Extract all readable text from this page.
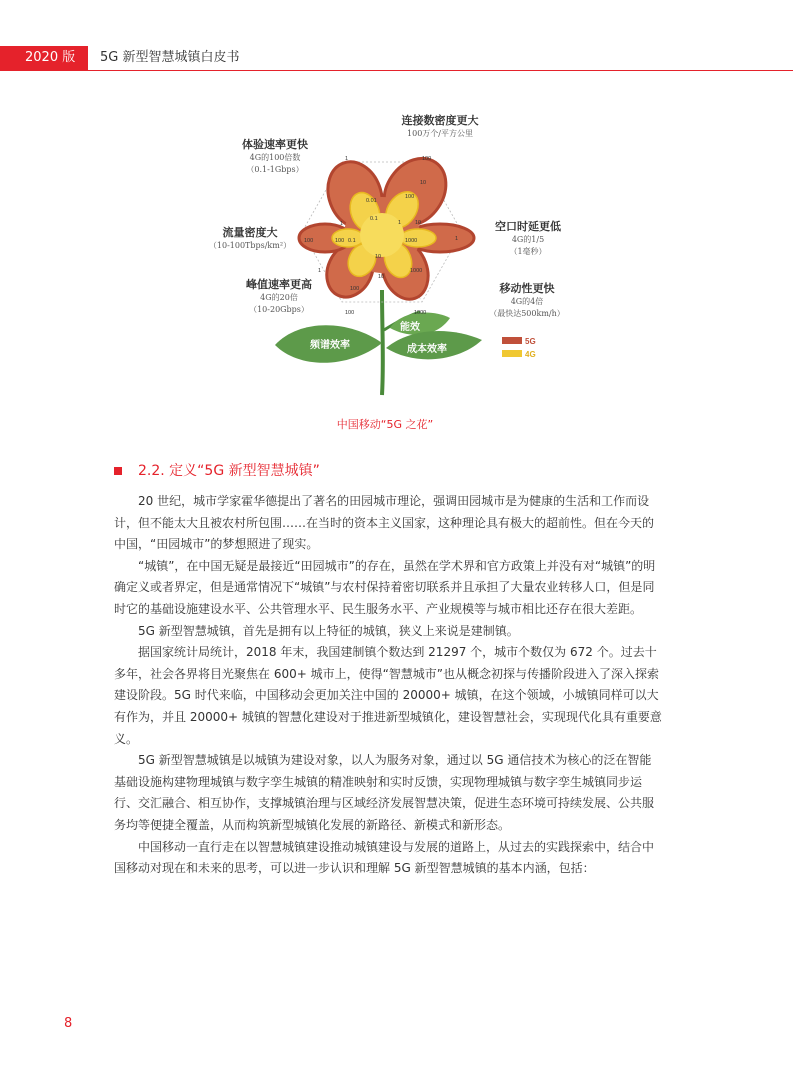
2020 版	5G 新型智慧城镇白皮书
1	100
10
100
0.01
0.1
100	0.1
1
1000
10
1
1
10
100
1000
10
100
1
100	1000
频谱效率
能效
成本效率
5G
4G
体验速率更快
4G的100倍数
（0.1-1Gbps）
连接数密度更大
100万个/平方公里
流量密度大
（10-100Tbps/km²）
空口时延更低
4G的1/5
（1毫秒）
峰值速率更高
4G的20倍
（10-20Gbps）
移动性更快
4G的4倍
（最快达500km/h）
中国移动“5G 之花”
2.2. 定义“5G 新型智慧城镇”

20 世纪，城市学家霍华德提出了著名的田园城市理论，强调田园城市是为健康的生活和工作而设计，但不能太大且被农村所包围……在当时的资本主义国家，这种理论具有极大的超前性。但在今天的中国，“田园城市”的梦想照进了现实。

“城镇”，在中国无疑是最接近“田园城市”的存在，虽然在学术界和官方政策上并没有对“城镇”的明确定义或者界定，但是通常情况下“城镇”与农村保持着密切联系并且承担了大量农业转移人口，但是同时它的基础设施建设水平、公共管理水平、民生服务水平、产业规模等与城市相比还存在很大差距。

5G 新型智慧城镇，首先是拥有以上特征的城镇，狭义上来说是建制镇。

据国家统计局统计，2018 年末，我国建制镇个数达到 21297 个，城市个数仅为 672 个。过去十多年，社会各界将目光聚焦在 600+ 城市上，使得“智慧城市”也从概念初探与传播阶段进入了深入探索建设阶段。5G 时代来临，中国移动会更加关注中国的 20000+ 城镇，在这个领域，小城镇同样可以大有作为，并且 20000+ 城镇的智慧化建设对于推进新型城镇化，建设智慧社会，实现现代化具有重要意义。

5G 新型智慧城镇是以城镇为建设对象，以人为服务对象，通过以 5G 通信技术为核心的泛在智能基础设施构建物理城镇与数字孪生城镇的精准映射和实时反馈，实现物理城镇与数字孪生城镇同步运行、交汇融合、相互协作，支撑城镇治理与区域经济发展智慧决策，促进生态环境可持续发展、公共服务均等便捷全覆盖，从而构筑新型城镇化发展的新路径、新模式和新形态。

中国移动一直行走在以智慧城镇建设推动城镇建设与发展的道路上，从过去的实践探索中，结合中国移动对现在和未来的思考，可以进一步认识和理解 5G 新型智慧城镇的基本内涵，包括：

8
